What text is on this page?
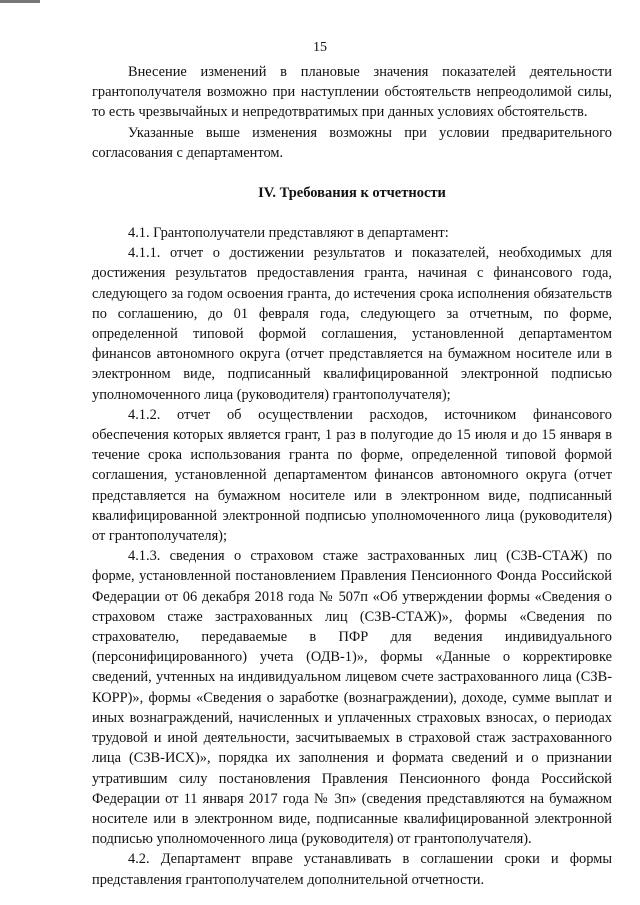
15

Внесение изменений в плановые значения показателей деятельности грантополучателя возможно при наступлении обстоятельств непреодолимой силы, то есть чрезвычайных и непредотвратимых при данных условиях обстоятельств.

Указанные выше изменения возможны при условии предварительного согласования с департаментом.

IV. Требования к отчетности

4.1. Грантополучатели представляют в департамент:

4.1.1. отчет о достижении результатов и показателей, необходимых для достижения результатов предоставления гранта, начиная с финансового года, следующего за годом освоения гранта, до истечения срока исполнения обязательств по соглашению, до 01 февраля года, следующего за отчетным, по форме, определенной типовой формой соглашения, установленной департаментом финансов автономного округа (отчет представляется на бумажном носителе или в электронном виде, подписанный квалифицированной электронной подписью уполномоченного лица (руководителя) грантополучателя);

4.1.2. отчет об осуществлении расходов, источником финансового обеспечения которых является грант, 1 раз в полугодие до 15 июля и до 15 января в течение срока использования гранта по форме, определенной типовой формой соглашения, установленной департаментом финансов автономного округа (отчет представляется на бумажном носителе или в электронном виде, подписанный квалифицированной электронной подписью уполномоченного лица (руководителя) от грантополучателя);

4.1.3. сведения о страховом стаже застрахованных лиц (СЗВ-СТАЖ) по форме, установленной постановлением Правления Пенсионного Фонда Российской Федерации от 06 декабря 2018 года № 507п «Об утверждении формы «Сведения о страховом стаже застрахованных лиц (СЗВ-СТАЖ)», формы «Сведения по страхователю, передаваемые в ПФР для ведения индивидуального (персонифицированного) учета (ОДВ-1)», формы «Данные о корректировке сведений, учтенных на индивидуальном лицевом счете застрахованного лица (СЗВ-КОРР)», формы «Сведения о заработке (вознаграждении), доходе, сумме выплат и иных вознаграждений, начисленных и уплаченных страховых взносах, о периодах трудовой и иной деятельности, засчитываемых в страховой стаж застрахованного лица (СЗВ-ИСХ)», порядка их заполнения и формата сведений и о признании утратившим силу постановления Правления Пенсионного фонда Российской Федерации от 11 января 2017 года № 3п» (сведения представляются на бумажном носителе или в электронном виде, подписанные квалифицированной электронной подписью уполномоченного лица (руководителя) от грантополучателя).

4.2. Департамент вправе устанавливать в соглашении сроки и формы представления грантополучателем дополнительной отчетности.
